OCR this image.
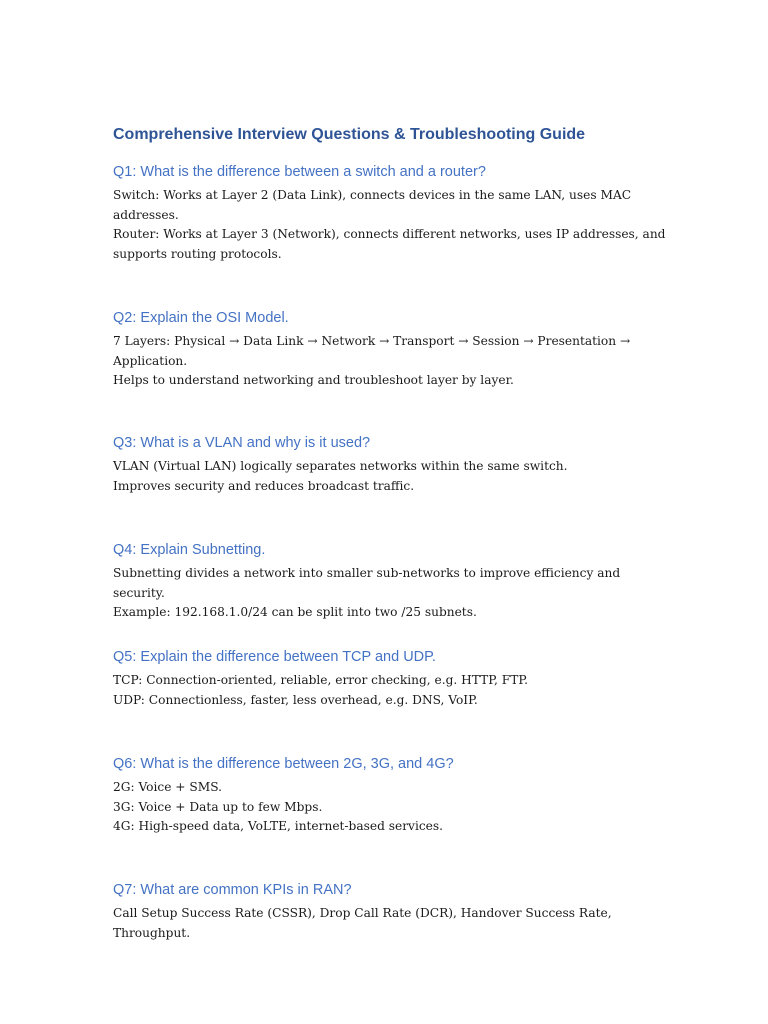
Comprehensive Interview Questions & Troubleshooting Guide
Q1: What is the difference between a switch and a router?

Switch: Works at Layer 2 (Data Link), connects devices in the same LAN, uses MAC addresses.

Router: Works at Layer 3 (Network), connects different networks, uses IP addresses, and supports routing protocols.

Q2: Explain the OSI Model.

7 Layers: Physical → Data Link → Network → Transport → Session → Presentation → Application.

Helps to understand networking and troubleshoot layer by layer.

Q3: What is a VLAN and why is it used?

VLAN (Virtual LAN) logically separates networks within the same switch.

Improves security and reduces broadcast traffic.

Q4: Explain Subnetting.

Subnetting divides a network into smaller sub-networks to improve efficiency and security.

Example: 192.168.1.0/24 can be split into two /25 subnets.

Q5: Explain the difference between TCP and UDP.

TCP: Connection-oriented, reliable, error checking, e.g. HTTP, FTP.

UDP: Connectionless, faster, less overhead, e.g. DNS, VoIP.

Q6: What is the difference between 2G, 3G, and 4G?

2G: Voice + SMS.

3G: Voice + Data up to few Mbps.

4G: High-speed data, VoLTE, internet-based services.

Q7: What are common KPIs in RAN?

Call Setup Success Rate (CSSR), Drop Call Rate (DCR), Handover Success Rate, Throughput.
